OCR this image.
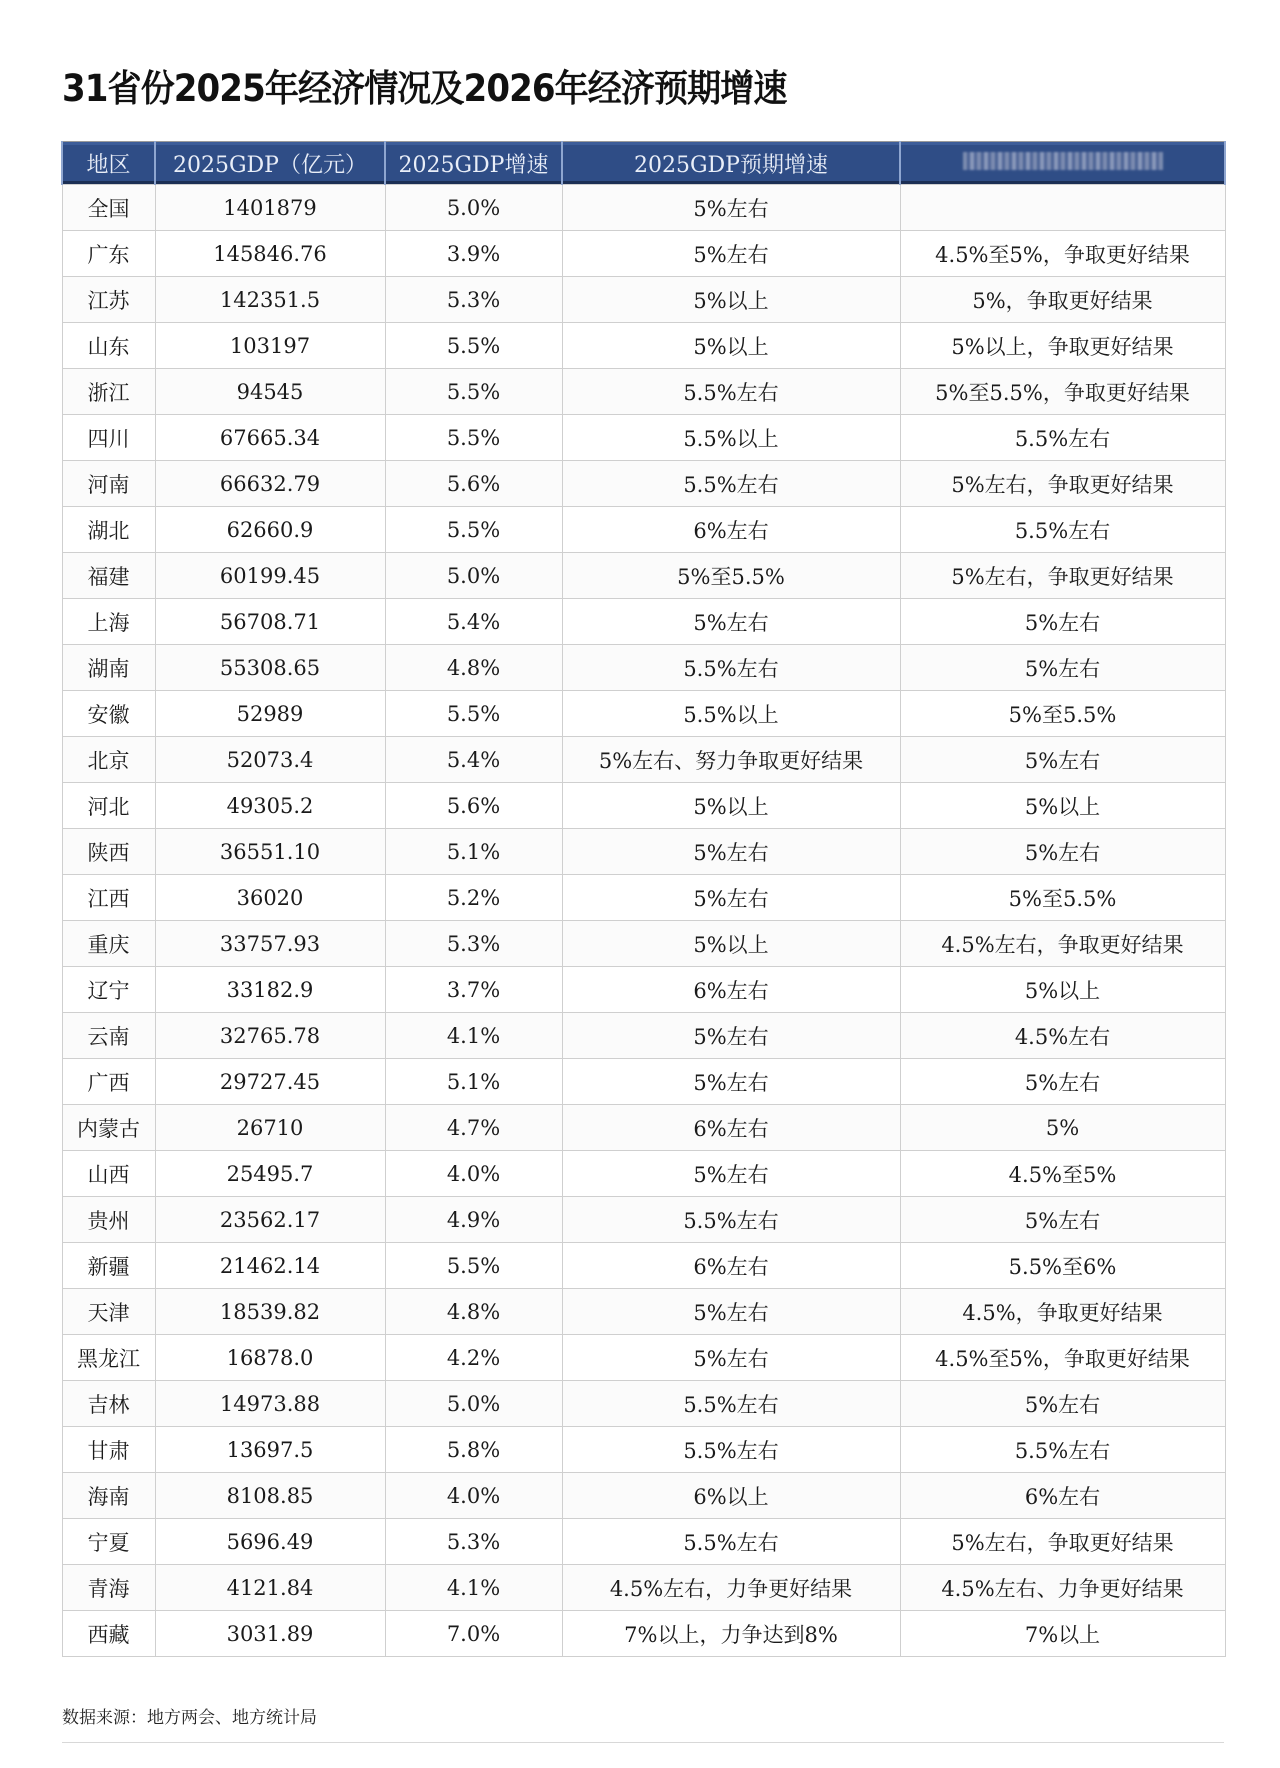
31省份2025年经济情况及2026年经济预期增速
地区	2025GDP（亿元）	2025GDP增速	2025GDP预期增速	
全国	1401879	5.0%	5%左右	
广东	145846.76	3.9%	5%左右	4.5%至5%，争取更好结果
江苏	142351.5	5.3%	5%以上	5%，争取更好结果
山东	103197	5.5%	5%以上	5%以上，争取更好结果
浙江	94545	5.5%	5.5%左右	5%至5.5%，争取更好结果
四川	67665.34	5.5%	5.5%以上	5.5%左右
河南	66632.79	5.6%	5.5%左右	5%左右，争取更好结果
湖北	62660.9	5.5%	6%左右	5.5%左右
福建	60199.45	5.0%	5%至5.5%	5%左右，争取更好结果
上海	56708.71	5.4%	5%左右	5%左右
湖南	55308.65	4.8%	5.5%左右	5%左右
安徽	52989	5.5%	5.5%以上	5%至5.5%
北京	52073.4	5.4%	5%左右、努力争取更好结果	5%左右
河北	49305.2	5.6%	5%以上	5%以上
陕西	36551.10	5.1%	5%左右	5%左右
江西	36020	5.2%	5%左右	5%至5.5%
重庆	33757.93	5.3%	5%以上	4.5%左右，争取更好结果
辽宁	33182.9	3.7%	6%左右	5%以上
云南	32765.78	4.1%	5%左右	4.5%左右
广西	29727.45	5.1%	5%左右	5%左右
内蒙古	26710	4.7%	6%左右	5%
山西	25495.7	4.0%	5%左右	4.5%至5%
贵州	23562.17	4.9%	5.5%左右	5%左右
新疆	21462.14	5.5%	6%左右	5.5%至6%
天津	18539.82	4.8%	5%左右	4.5%，争取更好结果
黑龙江	16878.0	4.2%	5%左右	4.5%至5%，争取更好结果
吉林	14973.88	5.0%	5.5%左右	5%左右
甘肃	13697.5	5.8%	5.5%左右	5.5%左右
海南	8108.85	4.0%	6%以上	6%左右
宁夏	5696.49	5.3%	5.5%左右	5%左右，争取更好结果
青海	4121.84	4.1%	4.5%左右，力争更好结果	4.5%左右、力争更好结果
西藏	3031.89	7.0%	7%以上，力争达到8%	7%以上
数据来源：地方两会、地方统计局
